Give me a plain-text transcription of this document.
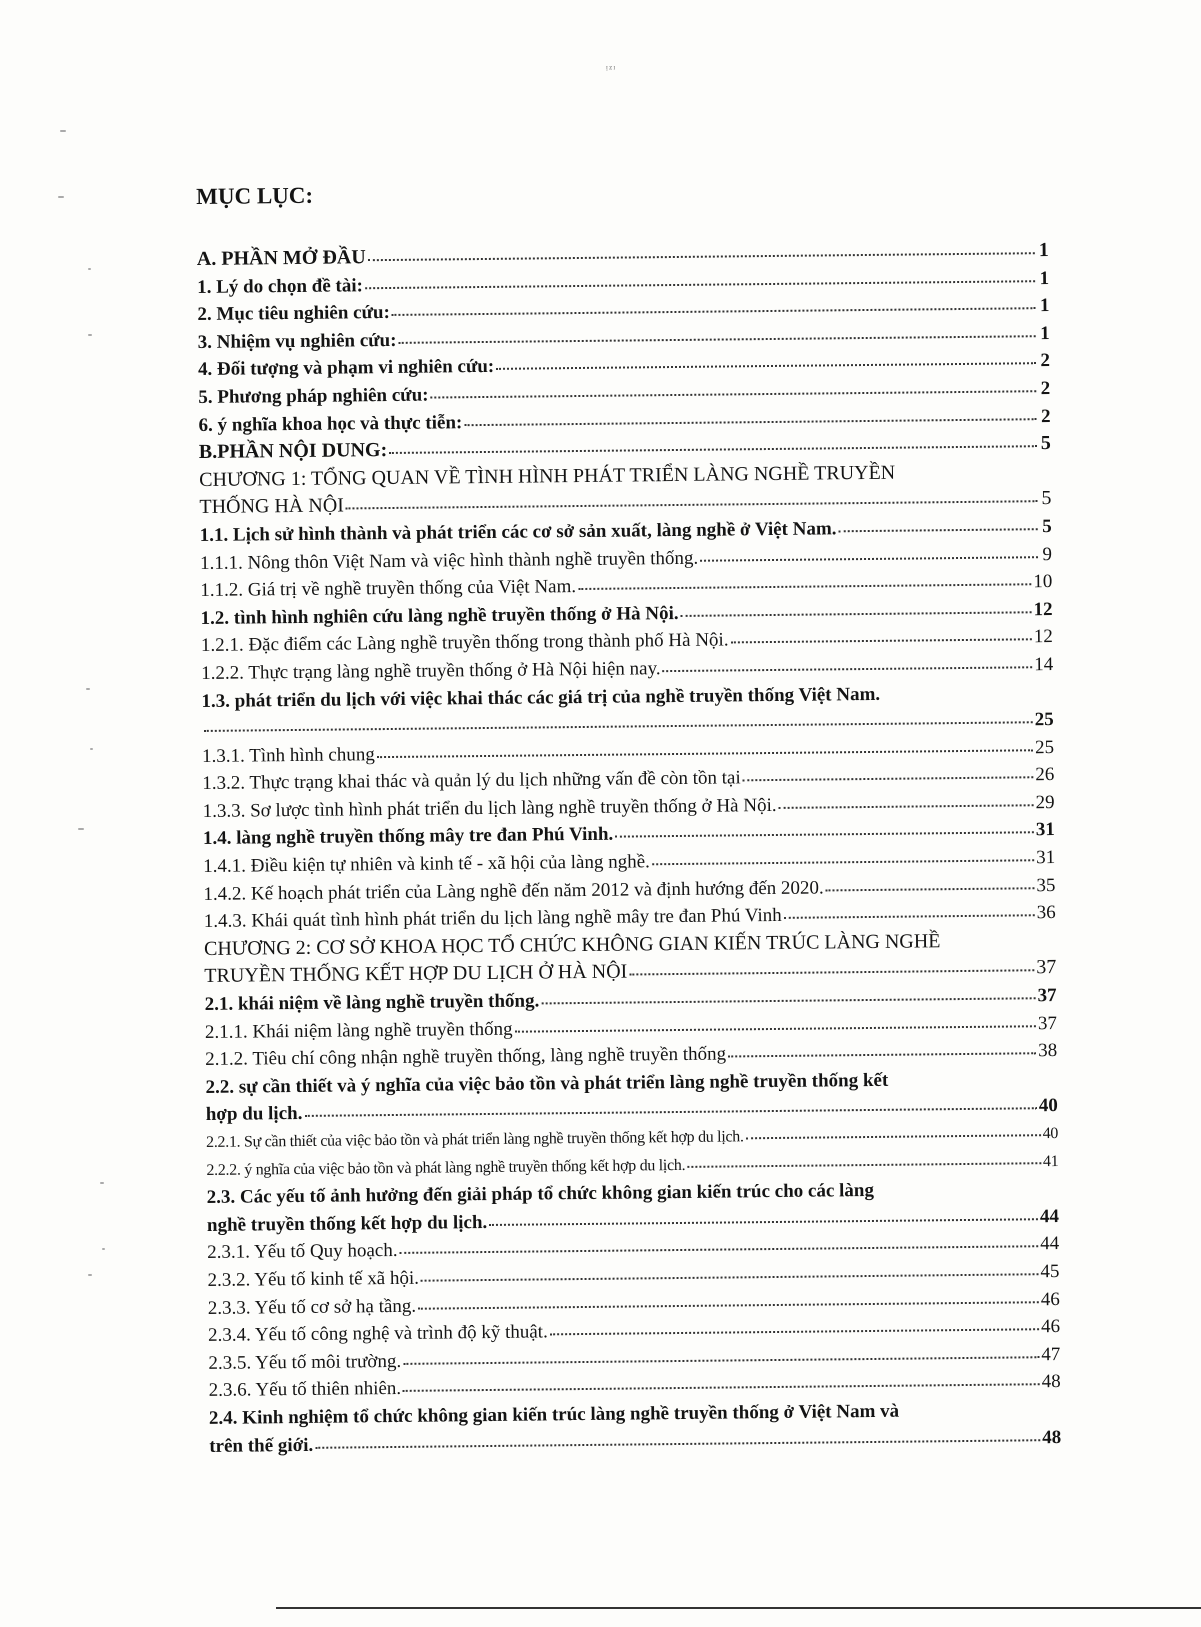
ᵎᶻᶦ
MỤC LỤC:
A. PHẦN MỞ ĐẦU	1
1. Lý do chọn đề tài:	1
2. Mục tiêu nghiên cứu:	1
3. Nhiệm vụ nghiên cứu:	1
4. Đối tượng và phạm vi nghiên cứu:	2
5. Phương pháp nghiên cứu:	2
6. ý nghĩa khoa học và thực tiễn:	2
B.PHẦN NỘI DUNG:	5
CHƯƠNG 1: TỔNG QUAN VỀ TÌNH HÌNH PHÁT TRIỂN LÀNG NGHỀ TRUYỀN
THỐNG HÀ NỘI	5
1.1. Lịch sử hình thành và phát triển các cơ sở sản xuất, làng nghề ở Việt Nam.	5
1.1.1. Nông thôn Việt Nam và việc hình thành nghề truyền thống.	9
1.1.2. Giá trị về nghề truyền thống của Việt Nam.	10
1.2. tình hình nghiên cứu làng nghề truyền thống ở Hà Nội.	12
1.2.1. Đặc điểm các Làng nghề truyền thống trong thành phố Hà Nội.	12
1.2.2. Thực trạng làng nghề truyền thống ở Hà Nội hiện nay.	14
1.3. phát triển du lịch với việc khai thác các giá trị của nghề truyền thống Việt Nam.
25
1.3.1. Tình hình chung	25
1.3.2. Thực trạng khai thác và quản lý du lịch những vấn đề còn tồn tại	26
1.3.3. Sơ lược tình hình phát triển du lịch làng nghề truyền thống ở Hà Nội.	29
1.4. làng nghề truyền thống mây tre đan Phú Vinh.	31
1.4.1. Điều kiện tự nhiên và kinh tế - xã hội của làng nghề.	31
1.4.2. Kế hoạch phát triển của Làng nghề đến năm 2012 và định hướng đến 2020.	35
1.4.3. Khái quát tình hình phát triển du lịch làng nghề mây tre đan Phú Vinh	36
CHƯƠNG 2: CƠ SỞ KHOA HỌC TỔ CHỨC KHÔNG GIAN KIẾN TRÚC LÀNG NGHỀ
TRUYỀN THỐNG KẾT HỢP DU LỊCH Ở HÀ NỘI	37
2.1. khái niệm về làng nghề truyền thống.	37
2.1.1. Khái niệm làng nghề truyền thống	37
2.1.2. Tiêu chí công nhận nghề truyền thống, làng nghề truyền thống	38
2.2. sự cần thiết và ý nghĩa của việc bảo tồn và phát triển làng nghề truyền thống kết
hợp du lịch.	40
2.2.1. Sự cần thiết của việc bảo tồn và phát triển làng nghề truyền thống kết hợp du lịch.	40
2.2.2. ý nghĩa của việc bảo tồn và phát làng nghề truyền thống kết hợp du lịch.	41
2.3. Các yếu tố ảnh hưởng đến giải pháp tổ chức không gian kiến trúc cho các làng
nghề truyền thống kết hợp du lịch.	44
2.3.1. Yếu tố Quy hoạch.	44
2.3.2. Yếu tố kinh tế xã hội.	45
2.3.3. Yếu tố cơ sở hạ tầng.	46
2.3.4. Yếu tố công nghệ và trình độ kỹ thuật.	46
2.3.5. Yếu tố môi trường.	47
2.3.6. Yếu tố thiên nhiên.	48
2.4. Kinh nghiệm tổ chức không gian kiến trúc làng nghề truyền thống ở Việt Nam và
trên thế giới.	48
